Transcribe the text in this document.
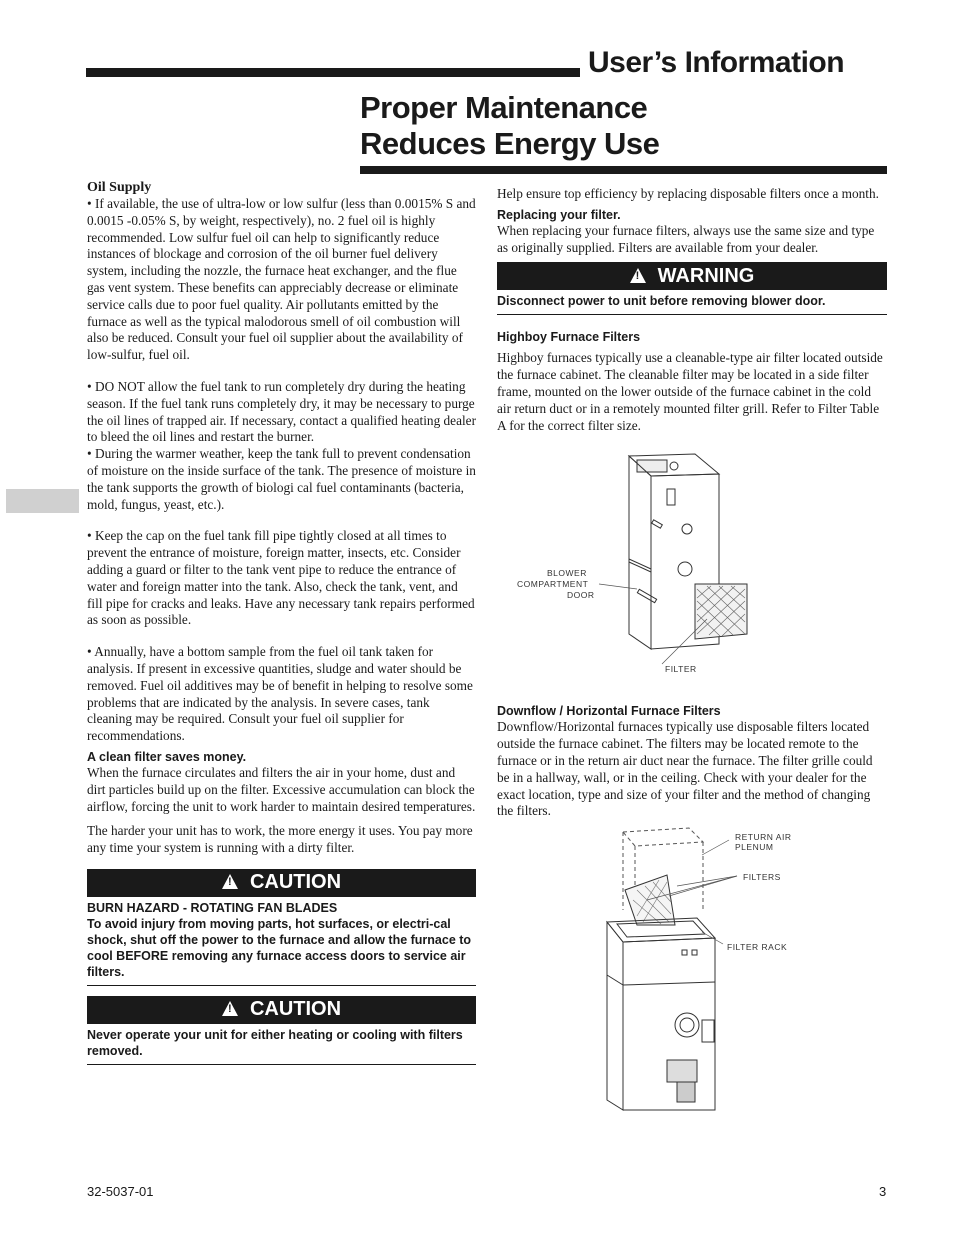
User’s Information
Proper Maintenance
Reduces Energy Use
Oil Supply

• If available, the use of ultra-low or low sulfur (less than 0.0015% S and 0.0015 -0.05% S, by weight, respectively), no. 2 fuel oil is highly recommended. Low sulfur fuel oil can help to significantly reduce instances of blockage and corrosion of the oil burner fuel delivery system, including the nozzle, the furnace heat exchanger, and the flue gas vent system. These benefits can appreciably decrease or eliminate service calls due to poor fuel quality. Air pollutants emitted by the furnace as well as the typical malodorous smell of oil combustion will also be reduced. Consult your fuel oil supplier about the availability of low-sulfur, fuel oil.

• DO NOT allow the fuel tank to run completely dry during the heating season. If the fuel tank runs completely dry, it may be necessary to purge the oil lines of trapped air. If necessary, contact a qualified heating dealer to bleed the oil lines and restart the burner.

• During the warmer weather, keep the tank full to prevent condensation of moisture on the inside surface of the tank. The presence of moisture in the tank supports the growth of biologi cal fuel contaminants (bacteria, mold, fungus, yeast, etc.).

• Keep the cap on the fuel tank fill pipe tightly closed at all times to prevent the entrance of moisture, foreign matter, insects, etc. Consider adding a guard or filter to the tank vent pipe to reduce the entrance of water and foreign matter into the tank. Also, check the tank, vent, and fill pipe for cracks and leaks. Have any necessary tank repairs performed as soon as possible.

• Annually, have a bottom sample from the fuel oil tank taken for analysis. If present in excessive quantities, sludge and water should be removed. Fuel oil additives may be of benefit in helping to resolve some problems that are indicated by the analysis. In severe cases, tank cleaning may be required. Consult your fuel oil supplier for recommendations.

A clean filter saves money.

When the furnace circulates and filters the air in your home, dust and dirt particles build up on the filter. Excessive accumulation can block the airflow, forcing the unit to work harder to maintain desired temperatures.

The harder your unit has to work, the more energy it uses. You pay more any time your system is running with a dirty filter.

!
CAUTION
BURN HAZARD - ROTATING FAN BLADES
To avoid injury from moving parts, hot surfaces, or electri-cal shock, shut off the power to the furnace and allow the furnace to cool BEFORE removing any furnace access doors to service air filters.
!
CAUTION
Never operate your unit for either heating or cooling with filters removed.

Help ensure top efficiency by replacing disposable filters once a month.

Replacing your filter.

When replacing your furnace filters, always use the same size and type as originally supplied. Filters are available from your dealer.

!
WARNING
Disconnect power to unit before removing blower door.
Highboy Furnace Filters

Highboy furnaces typically use a cleanable-type air filter located outside the furnace cabinet. The cleanable filter may be located in a side filter frame, mounted on the lower outside of the furnace cabinet in the cold air return duct or in a remotely mounted filter grill. Refer to Filter Table A for the correct filter size.

BLOWER
COMPARTMENT
DOOR
FILTER
Downflow / Horizontal Furnace Filters

Downflow/Horizontal furnaces typically use disposable filters located outside the furnace cabinet. The filters may be located remote to the furnace or in the return air duct near the furnace. The filter grille could be in a hallway, wall, or in the ceiling. Check with your dealer for the exact location, type and size of your filter and the method of changing the filters.

RETURN AIR
PLENUM
FILTERS
FILTER RACK
32-5037-01	3
